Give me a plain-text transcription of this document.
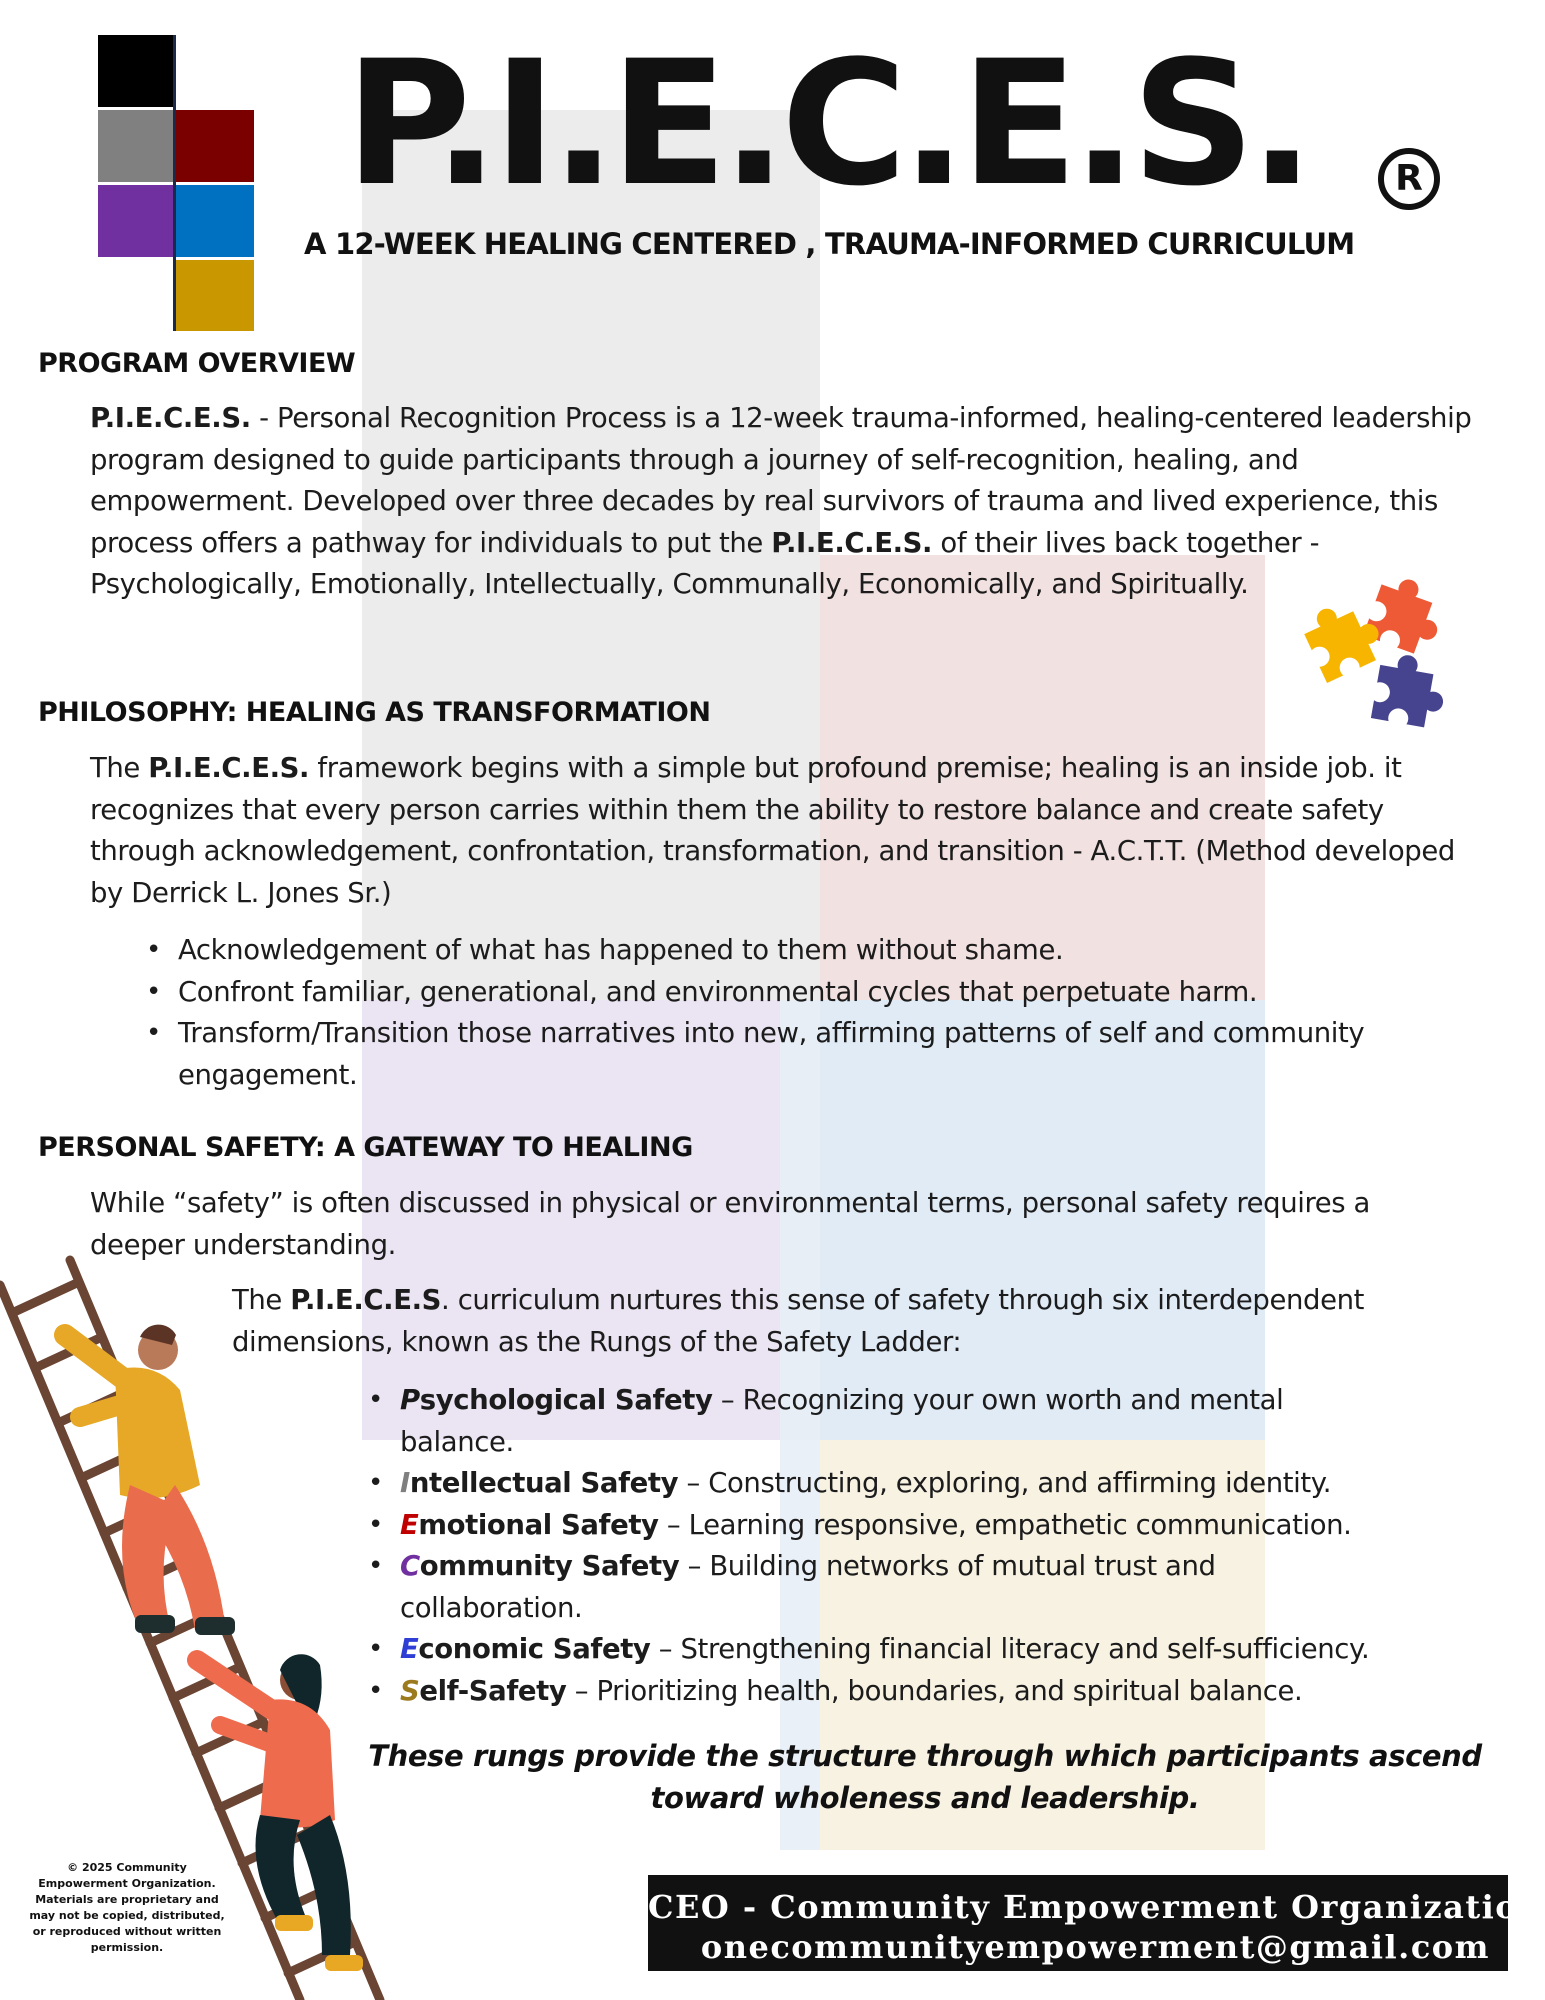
P.I.E.C.E.S.	R
A 12-WEEK HEALING CENTERED , TRAUMA-INFORMED CURRICULUM
PROGRAM OVERVIEW

P.I.E.C.E.S. - Personal Recognition Process is a 12-week trauma-informed, healing-centered leadership program designed to guide participants through a journey of self-recognition, healing, and empowerment. Developed over three decades by real survivors of trauma and lived experience, this process offers a pathway for individuals to put the P.I.E.C.E.S. of their lives back together - Psychologically, Emotionally, Intellectually, Communally, Economically, and Spiritually.

PHILOSOPHY: HEALING AS TRANSFORMATION

The P.I.E.C.E.S. framework begins with a simple but profound premise; healing is an inside job. it recognizes that every person carries within them the ability to restore balance and create safety through acknowledgement, confrontation, transformation, and transition - A.C.T.T. (Method developed by Derrick L. Jones Sr.)

• Acknowledgement of what has happened to them without shame.
• Confront familiar, generational, and environmental cycles that perpetuate harm.
• Transform/Transition those narratives into new, affirming patterns of self and community engagement.
PERSONAL SAFETY: A GATEWAY TO HEALING

While “safety” is often discussed in physical or environmental terms, personal safety requires a deeper understanding.

The P.I.E.C.E.S. curriculum nurtures this sense of safety through six interdependent dimensions, known as the Rungs of the Safety Ladder:

• Psychological Safety – Recognizing your own worth and mental balance.
• Intellectual Safety – Constructing, exploring, and affirming identity.
• Emotional Safety – Learning responsive, empathetic communication.
• Community Safety – Building networks of mutual trust and collaboration.
• Economic Safety – Strengthening financial literacy and self-sufficiency.
• Self-Safety – Prioritizing health, boundaries, and spiritual balance.
These rungs provide the structure through which participants ascend toward wholeness and leadership.
© 2025 Community Empowerment Organization. Materials are proprietary and may not be copied, distributed, or reproduced without written permission.
CEO - Community Empowerment Organization
onecommunityempowerment@gmail.com
